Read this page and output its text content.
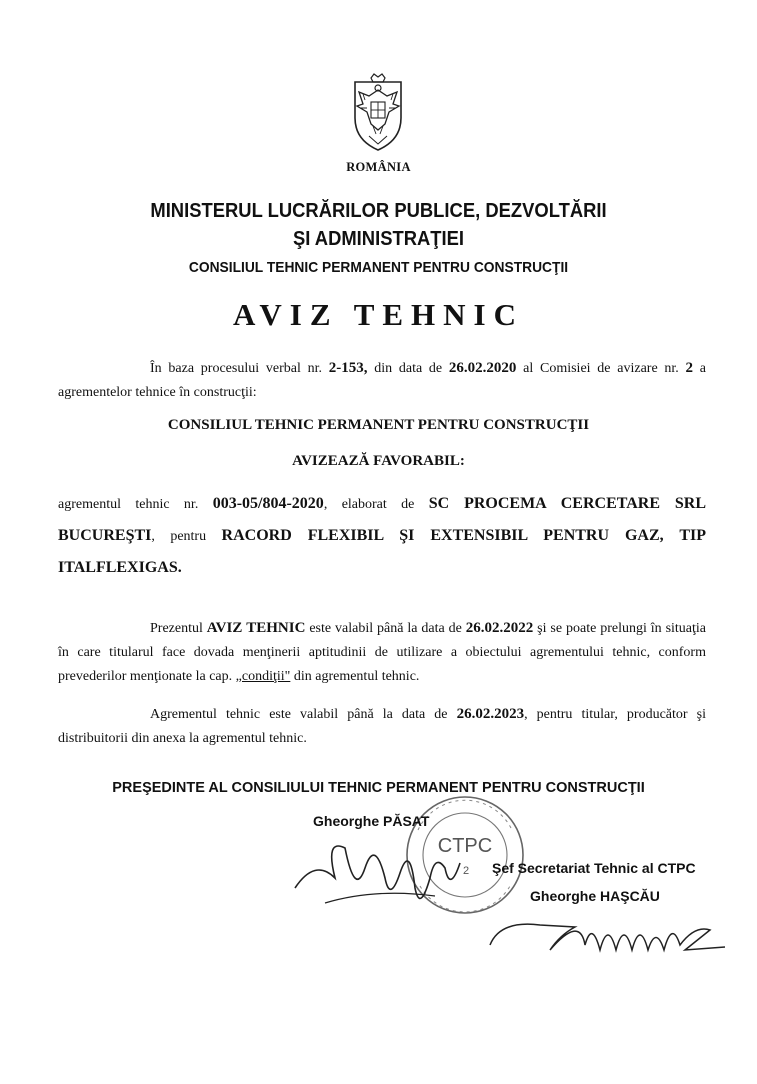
ROMÂNIA
MINISTERUL LUCRĂRILOR PUBLICE, DEZVOLTĂRII
ŞI ADMINISTRAŢIEI
CONSILIUL TEHNIC PERMANENT PENTRU CONSTRUCŢII
AVIZ TEHNIC
În baza procesului verbal nr. 2-153, din data de 26.02.2020 al Comisiei de avizare nr. 2 a agrementelor tehnice în construcţii:
CONSILIUL TEHNIC PERMANENT PENTRU CONSTRUCŢII
AVIZEAZĂ FAVORABIL:
agrementul tehnic nr. 003-05/804-2020, elaborat de SC PROCEMA CERCETARE SRL BUCUREŞTI, pentru RACORD FLEXIBIL ŞI EXTENSIBIL PENTRU GAZ, TIP ITALFLEXIGAS.
Prezentul AVIZ TEHNIC este valabil până la data de 26.02.2022 şi se poate prelungi în situaţia în care titularul face dovada menţinerii aptitudinii de utilizare a obiectului agrementului tehnic, conform prevederilor menţionate la cap. „condiţii" din agrementul tehnic.
Agrementul tehnic este valabil până la data de 26.02.2023, pentru titular, producător şi distribuitorii din anexa la agrementul tehnic.
CTPC
2
PREŞEDINTE AL CONSILIULUI TEHNIC PERMANENT PENTRU CONSTRUCŢII
Gheorghe PĂSAT
Şef Secretariat Tehnic al CTPC
Gheorghe HAŞCĂU
